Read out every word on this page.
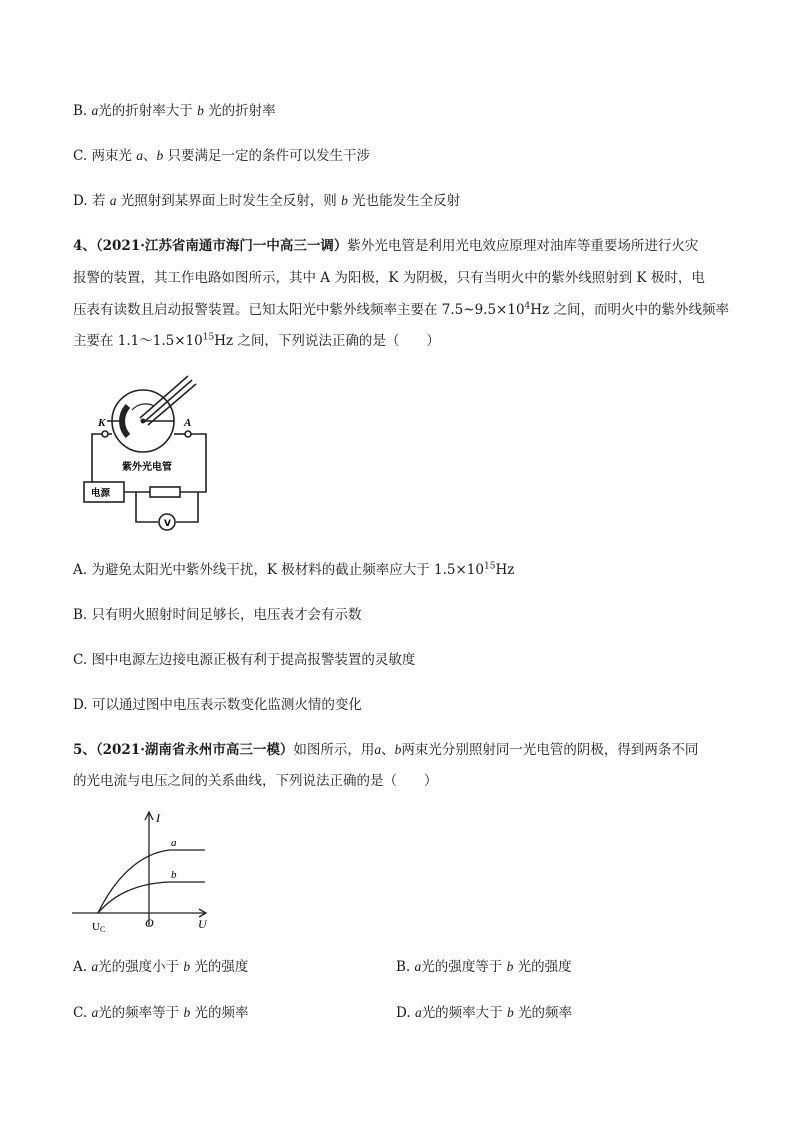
B. a光的折射率大于 b 光的折射率
C. 两束光 a、b 只要满足一定的条件可以发生干涉
D. 若 a 光照射到某界面上时发生全反射，则 b 光也能发生全反射
4、（2021·江苏省南通市海门一中高三一调）紫外光电管是利用光电效应原理对油库等重要场所进行火灾
报警的装置，其工作电路如图所示，其中 A 为阳极，K 为阴极，只有当明火中的紫外线照射到 K 极时，电
压表有读数且启动报警装置。已知太阳光中紫外线频率主要在 $7.5\sim 9.5\times 10^4Hz$ 之间，而明火中的紫外线频率
主要在 $1.1\sim 1.5\times 10^{15}Hz$ 之间，下列说法正确的是（　　）
K	A
紫外光电管
电源
V
A. 为避免太阳光中紫外线干扰，K 极材料的截止频率应大于 $1.5\times 10^{15}Hz$
B. 只有明火照射时间足够长，电压表才会有示数
C. 图中电源左边接电源正极有利于提高报警装置的灵敏度
D. 可以通过图中电压表示数变化监测火情的变化
5、（2021·湖南省永州市高三一模）如图所示，用a、b两束光分别照射同一光电管的阴极，得到两条不同
的光电流与电压之间的关系曲线，下列说法正确的是（　　）
I
U
O
UC
a
b
A. a光的强度小于 b 光的强度	B. a光的强度等于 b 光的强度
C. a光的频率等于 b 光的频率	D. a光的频率大于 b 光的频率
